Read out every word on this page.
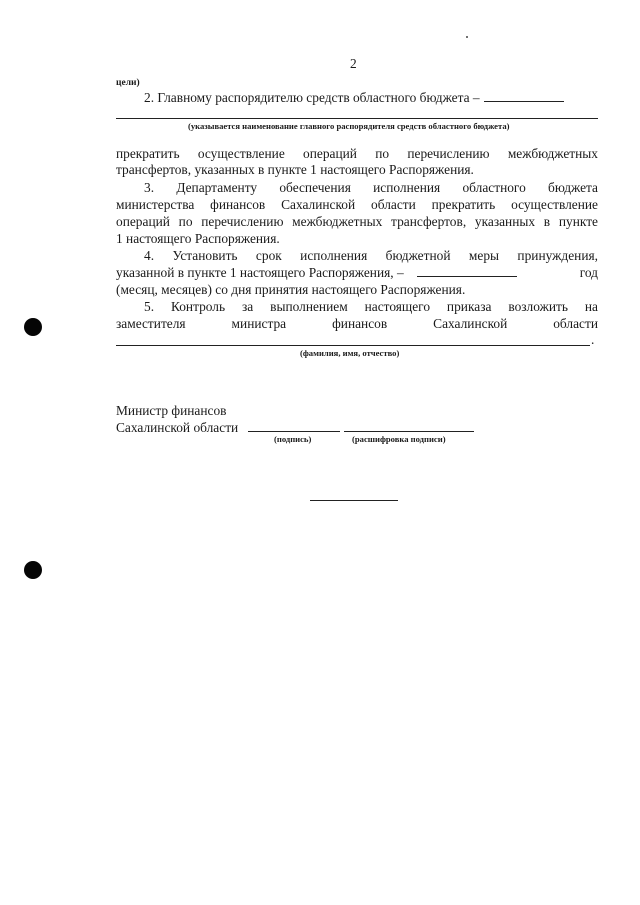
2
цели)
2. Главному распорядителю средств областного бюджета –
(указывается наименование главного распорядителя средств областного бюджета)
прекратить осуществление операций по перечислению межбюджетных
трансфертов, указанных в пункте 1 настоящего Распоряжения.
3. Департаменту обеспечения исполнения областного бюджета
министерства финансов Сахалинской области прекратить осуществление
операций по перечислению межбюджетных трансфертов, указанных в пункте
1 настоящего Распоряжения.
4. Установить срок исполнения бюджетной меры принуждения,
указанной в пункте 1 настоящего Распоряжения, –	год
(месяц, месяцев) со дня принятия настоящего Распоряжения.
5. Контроль за выполнением настоящего приказа возложить на
заместителя министра финансов Сахалинской области
.
(фамилия, имя, отчество)
Министр финансов
Сахалинской области
(подпись)	(расшифровка подписи)
